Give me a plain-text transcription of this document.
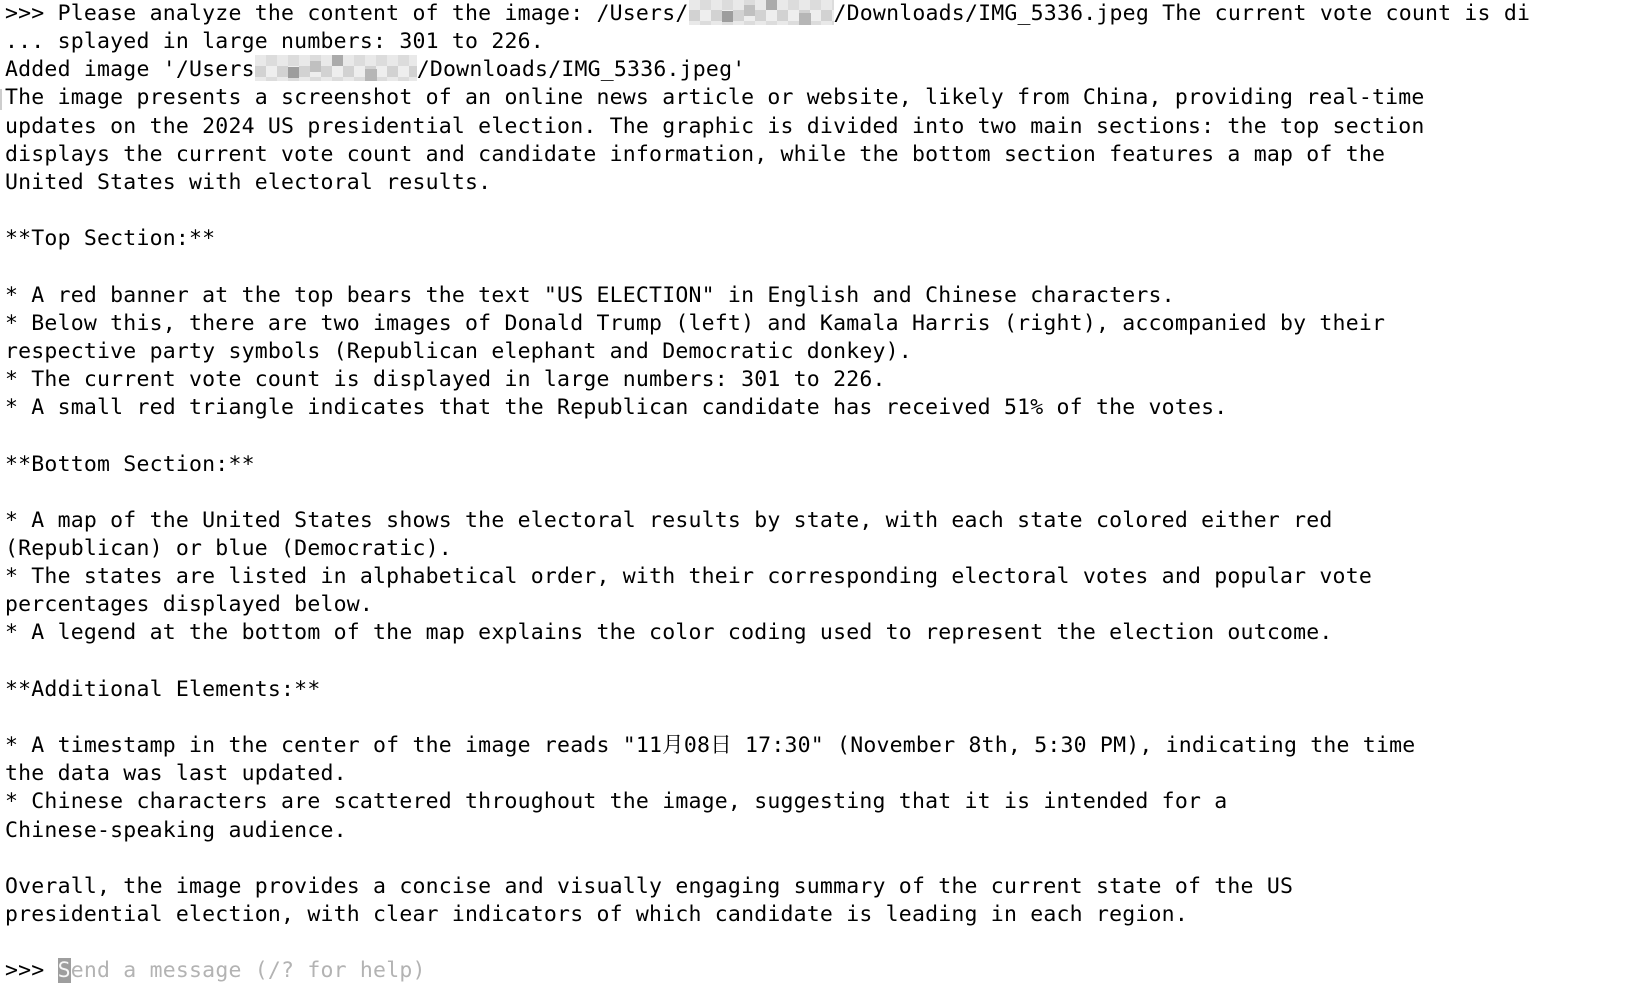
>>> Please analyze the content of the image: /Users/	/Downloads/IMG_5336.jpeg The current vote count is di
... splayed in large numbers: 301 to 226.
Added image '/Users	/Downloads/IMG_5336.jpeg'
The image presents a screenshot of an online news article or website, likely from China, providing real-time
updates on the 2024 US presidential election. The graphic is divided into two main sections: the top section
displays the current vote count and candidate information, while the bottom section features a map of the
United States with electoral results.
**Top Section:**
* A red banner at the top bears the text "US ELECTION" in English and Chinese characters.
* Below this, there are two images of Donald Trump (left) and Kamala Harris (right), accompanied by their
respective party symbols (Republican elephant and Democratic donkey).
* The current vote count is displayed in large numbers: 301 to 226.
* A small red triangle indicates that the Republican candidate has received 51% of the votes.
**Bottom Section:**
* A map of the United States shows the electoral results by state, with each state colored either red
(Republican) or blue (Democratic).
* The states are listed in alphabetical order, with their corresponding electoral votes and popular vote
percentages displayed below.
* A legend at the bottom of the map explains the color coding used to represent the election outcome.
**Additional Elements:**
* A timestamp in the center of the image reads "11月08日 17:30" (November 8th, 5:30 PM), indicating the time
the data was last updated.
* Chinese characters are scattered throughout the image, suggesting that it is intended for a
Chinese-speaking audience.
Overall, the image provides a concise and visually engaging summary of the current state of the US
presidential election, with clear indicators of which candidate is leading in each region.
>>> Send a message (/? for help)
